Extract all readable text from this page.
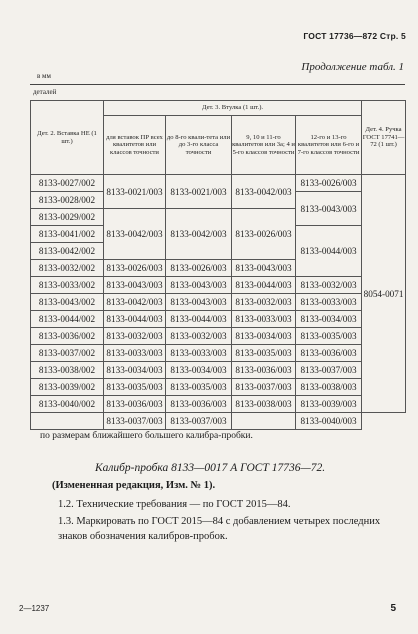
ГОСТ 17736—872 Стр. 5
Продолжение табл. 1
в мм
деталей
Дет. 2. Вставка НЕ (1 шт.)	Дет. 3. Втулка (1 шт.).				Дет. 4. Ручка ГОСТ 17741—72 (1 шт.)
	для вставок ПР всех квалитетов или классов точности	до 8-го квали-тета или до 3-го класса точности	9, 10 и 11-го квалитетов или 3а; 4 и 5-го классов точности	12-го и 13-го квалитетов или 6-го и 7-го классов точности	
8133-0027/002	8133-0021/003	8133-0021/003	8133-0042/003	8133-0026/003	8054-0071
8133-0028/002				8133-0043/003	
8133-0029/002	8133-0042/003	8133-0042/003	8133-0026/003		
8133-0041/002				8133-0044/003	
8133-0042/002					
8133-0032/002	8133-0026/003	8133-0026/003	8133-0043/003		
8133-0033/002	8133-0043/003	8133-0043/003	8133-0044/003	8133-0032/003	
8133-0043/002	8133-0042/003	8133-0043/003	8133-0032/003	8133-0033/003	
8133-0044/002	8133-0044/003	8133-0044/003	8133-0033/003	8133-0034/003	
8133-0036/002	8133-0032/003	8133-0032/003	8133-0034/003	8133-0035/003	
8133-0037/002	8133-0033/003	8133-0033/003	8133-0035/003	8133-0036/003	
8133-0038/002	8133-0034/003	8133-0034/003	8133-0036/003	8133-0037/003	
8133-0039/002	8133-0035/003	8133-0035/003	8133-0037/003	8133-0038/003	
8133-0040/002	8133-0036/003	8133-0036/003	8133-0038/003	8133-0039/003	
	8133-0037/003	8133-0037/003		8133-0040/003	
по размерам ближайшего большего калибра-пробки.
Калибр-пробка 8133—0017 А ГОСТ 17736—72.
(Измененная редакция, Изм. № 1).
1.2. Технические требования — по ГОСТ 2015—84.
1.3. Маркировать по ГОСТ 2015—84 с добавлением четырех последних знаков обозначения калибров-пробок.
2—1237	5
